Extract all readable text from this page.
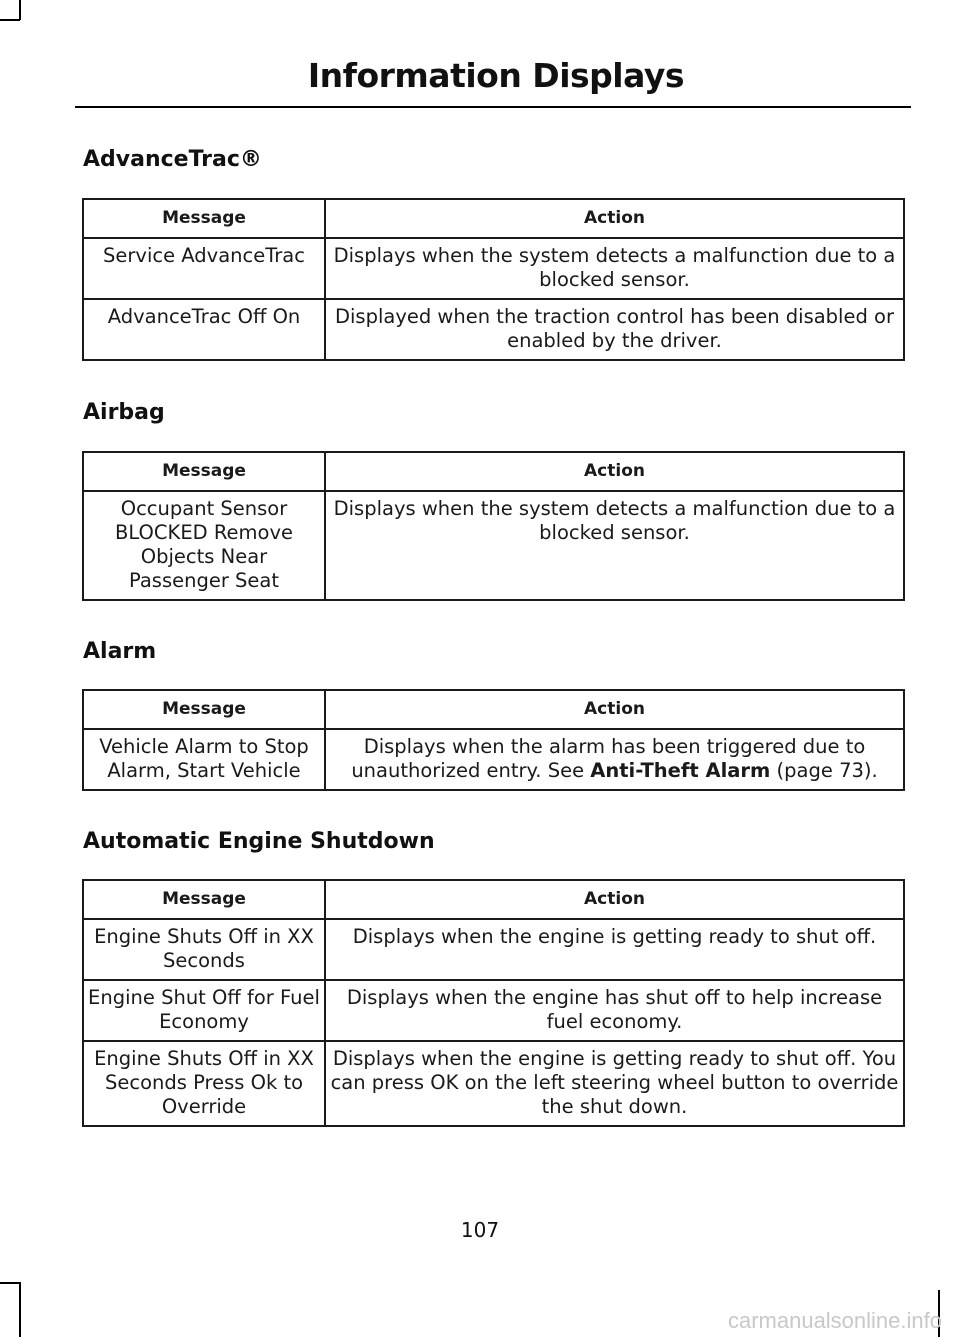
Information Displays
AdvanceTrac®
Message	Action
Service AdvanceTrac	Displays when the system detects a malfunction due to a blocked sensor.
AdvanceTrac Off On	Displayed when the traction control has been disabled or enabled by the driver.
Airbag
Message	Action
Occupant Sensor BLOCKED Remove Objects Near Passenger Seat	Displays when the system detects a malfunction due to a blocked sensor.
Alarm
Message	Action
Vehicle Alarm to Stop Alarm, Start Vehicle	Displays when the alarm has been triggered due to unauthorized entry. See Anti-Theft Alarm (page 73).
Automatic Engine Shutdown
Message	Action
Engine Shuts Off in XX Seconds	Displays when the engine is getting ready to shut off.
Engine Shut Off for Fuel Economy	Displays when the engine has shut off to help increase fuel economy.
Engine Shuts Off in XX Seconds Press Ok to Override	Displays when the engine is getting ready to shut off. You can press OK on the left steering wheel button to override the shut down.

107

carmanualsonline.info
